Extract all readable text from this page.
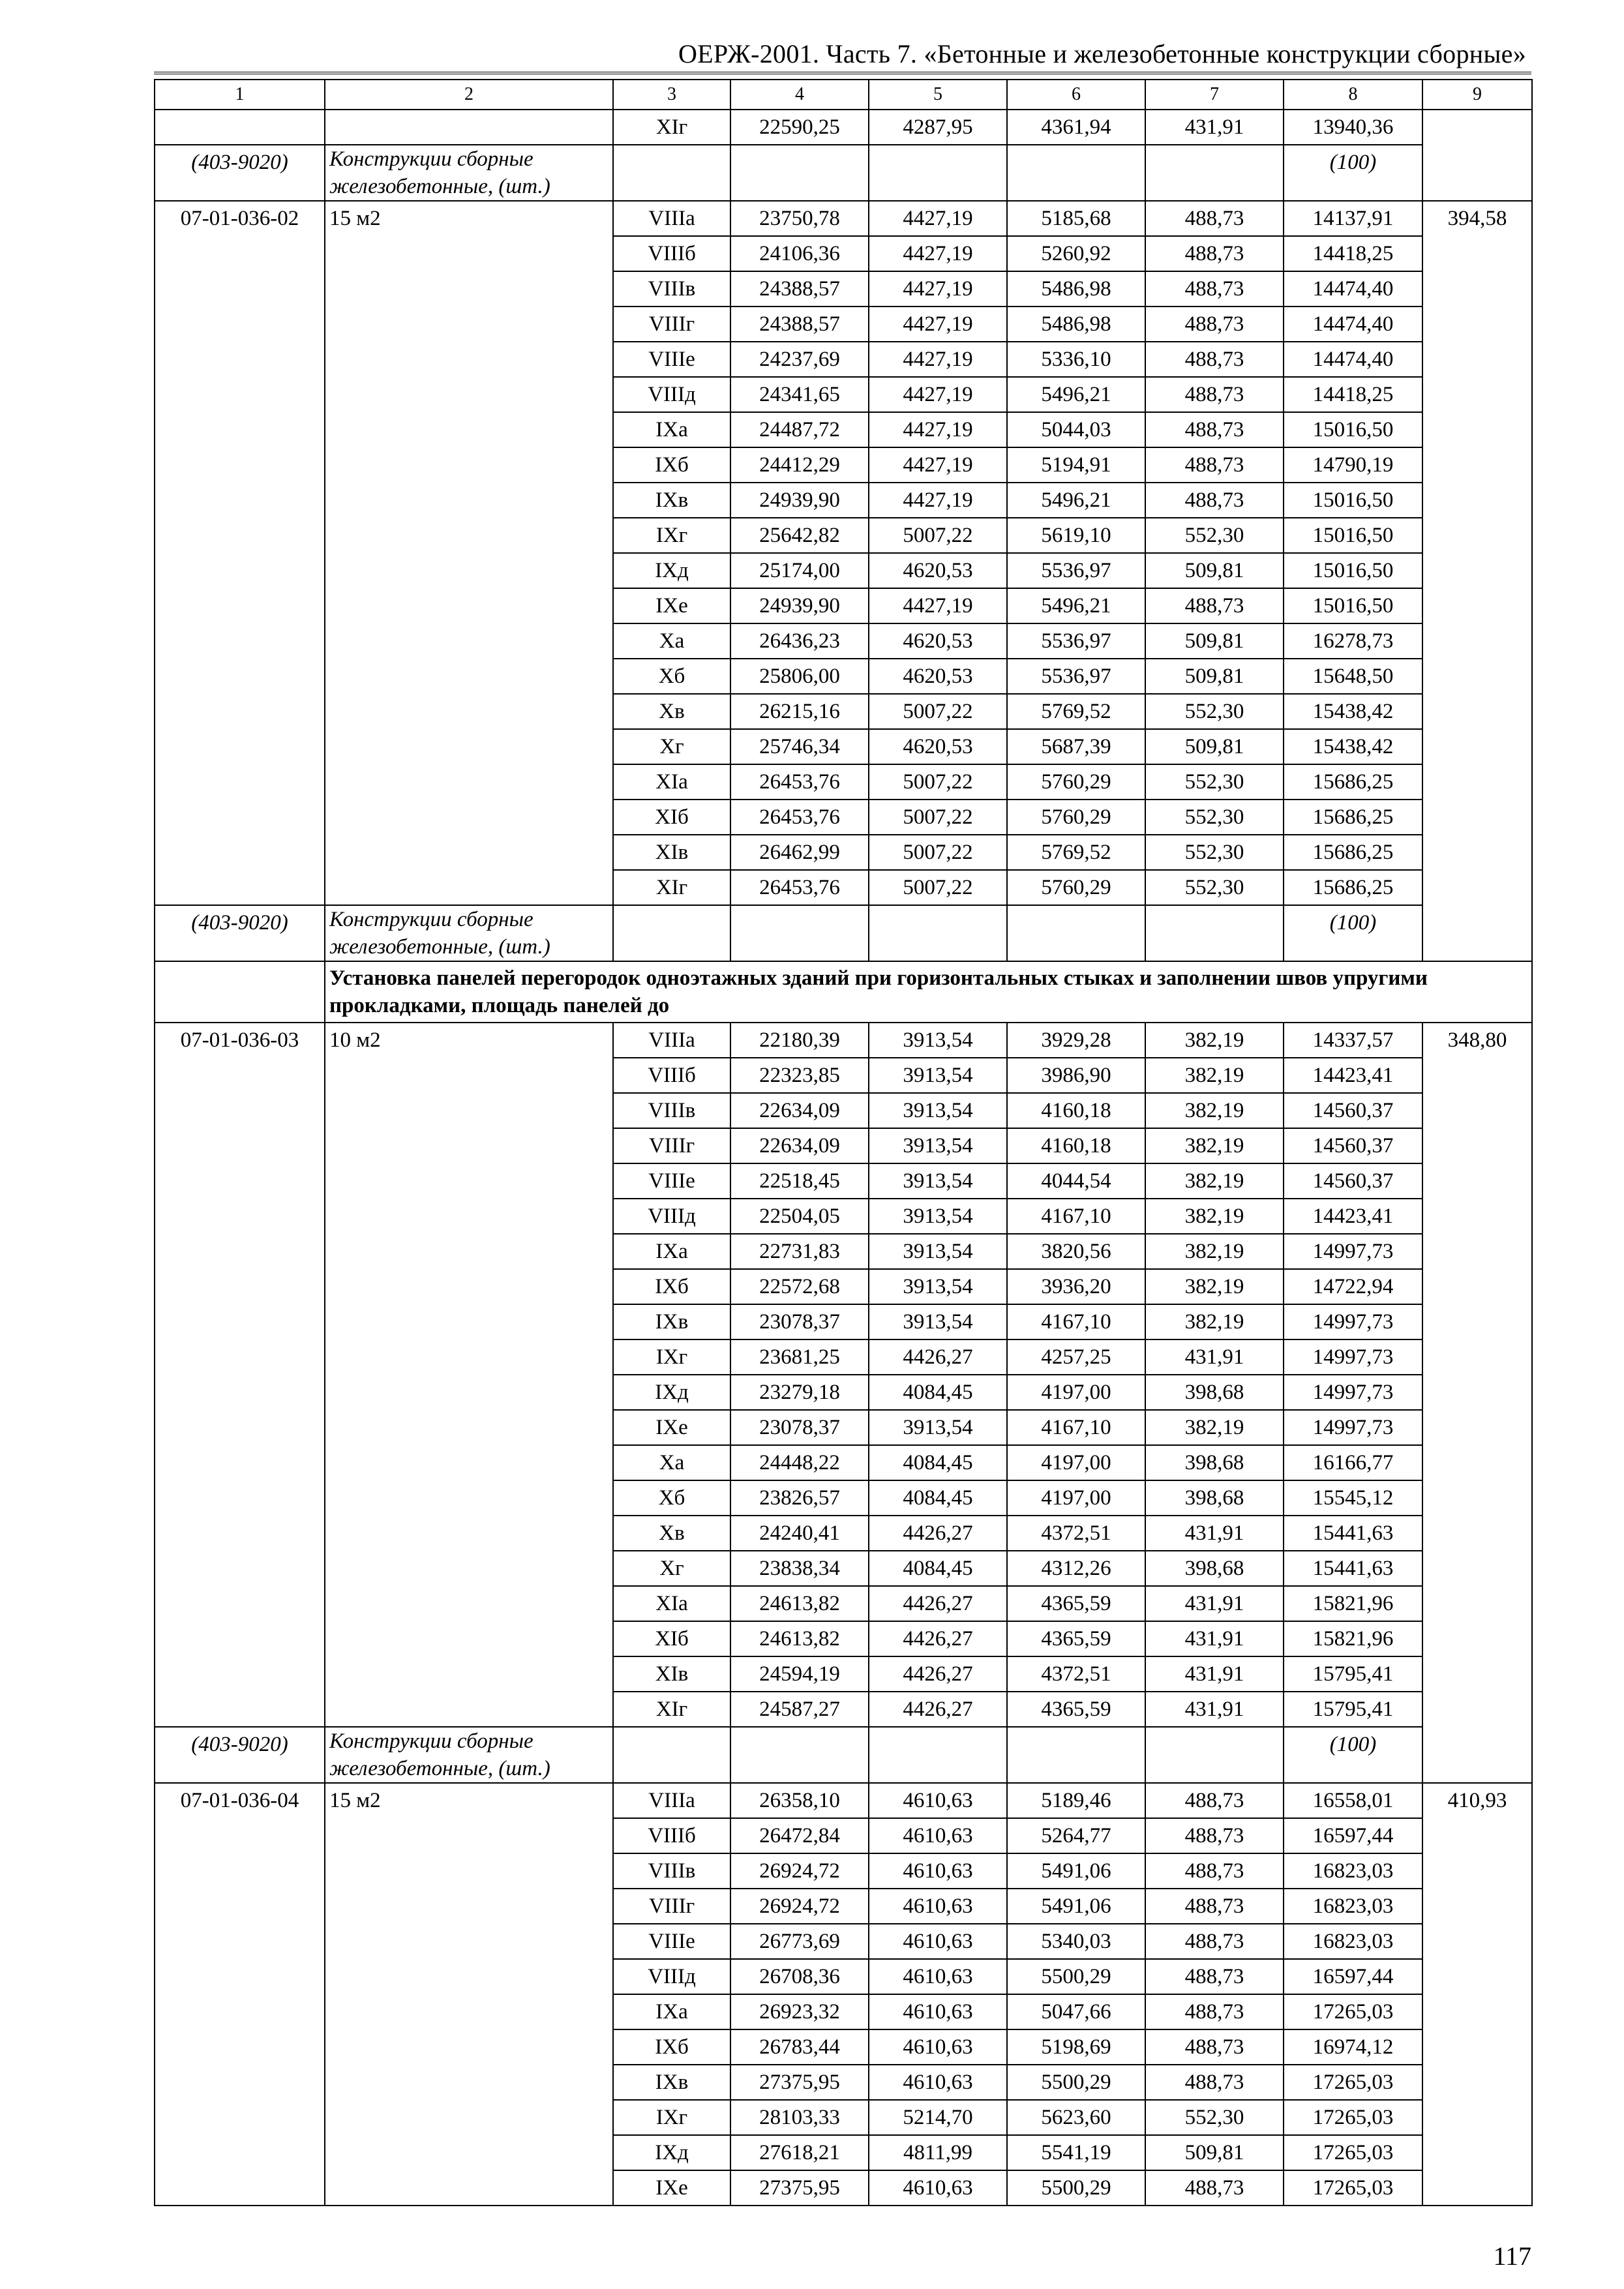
ОЕРЖ-2001. Часть 7. «Бетонные и железобетонные конструкции сборные»
1	2	3	4	5	6	7	8	9
		XIг	22590,25	4287,95	4361,94	431,91	13940,36	
(403-9020)	Конструкции сборные железобетонные, (шт.)						(100)	
07-01-036-02	15 м2	VIIIа	23750,78	4427,19	5185,68	488,73	14137,91	394,58
		VIIIб	24106,36	4427,19	5260,92	488,73	14418,25	
		VIIIв	24388,57	4427,19	5486,98	488,73	14474,40	
		VIIIг	24388,57	4427,19	5486,98	488,73	14474,40	
		VIIIе	24237,69	4427,19	5336,10	488,73	14474,40	
		VIIIд	24341,65	4427,19	5496,21	488,73	14418,25	
		IXа	24487,72	4427,19	5044,03	488,73	15016,50	
		IXб	24412,29	4427,19	5194,91	488,73	14790,19	
		IXв	24939,90	4427,19	5496,21	488,73	15016,50	
		IXг	25642,82	5007,22	5619,10	552,30	15016,50	
		IXд	25174,00	4620,53	5536,97	509,81	15016,50	
		IXе	24939,90	4427,19	5496,21	488,73	15016,50	
		Xа	26436,23	4620,53	5536,97	509,81	16278,73	
		Xб	25806,00	4620,53	5536,97	509,81	15648,50	
		Xв	26215,16	5007,22	5769,52	552,30	15438,42	
		Xг	25746,34	4620,53	5687,39	509,81	15438,42	
		XIа	26453,76	5007,22	5760,29	552,30	15686,25	
		XIб	26453,76	5007,22	5760,29	552,30	15686,25	
		XIв	26462,99	5007,22	5769,52	552,30	15686,25	
		XIг	26453,76	5007,22	5760,29	552,30	15686,25	
(403-9020)	Конструкции сборные железобетонные, (шт.)						(100)	
	Установка панелей перегородок одноэтажных зданий при горизонтальных стыках и заполнении швов упругими прокладками, площадь панелей до							
07-01-036-03	10 м2	VIIIа	22180,39	3913,54	3929,28	382,19	14337,57	348,80
		VIIIб	22323,85	3913,54	3986,90	382,19	14423,41	
		VIIIв	22634,09	3913,54	4160,18	382,19	14560,37	
		VIIIг	22634,09	3913,54	4160,18	382,19	14560,37	
		VIIIе	22518,45	3913,54	4044,54	382,19	14560,37	
		VIIIд	22504,05	3913,54	4167,10	382,19	14423,41	
		IXа	22731,83	3913,54	3820,56	382,19	14997,73	
		IXб	22572,68	3913,54	3936,20	382,19	14722,94	
		IXв	23078,37	3913,54	4167,10	382,19	14997,73	
		IXг	23681,25	4426,27	4257,25	431,91	14997,73	
		IXд	23279,18	4084,45	4197,00	398,68	14997,73	
		IXе	23078,37	3913,54	4167,10	382,19	14997,73	
		Xа	24448,22	4084,45	4197,00	398,68	16166,77	
		Xб	23826,57	4084,45	4197,00	398,68	15545,12	
		Xв	24240,41	4426,27	4372,51	431,91	15441,63	
		Xг	23838,34	4084,45	4312,26	398,68	15441,63	
		XIа	24613,82	4426,27	4365,59	431,91	15821,96	
		XIб	24613,82	4426,27	4365,59	431,91	15821,96	
		XIв	24594,19	4426,27	4372,51	431,91	15795,41	
		XIг	24587,27	4426,27	4365,59	431,91	15795,41	
(403-9020)	Конструкции сборные железобетонные, (шт.)						(100)	
07-01-036-04	15 м2	VIIIа	26358,10	4610,63	5189,46	488,73	16558,01	410,93
		VIIIб	26472,84	4610,63	5264,77	488,73	16597,44	
		VIIIв	26924,72	4610,63	5491,06	488,73	16823,03	
		VIIIг	26924,72	4610,63	5491,06	488,73	16823,03	
		VIIIе	26773,69	4610,63	5340,03	488,73	16823,03	
		VIIIд	26708,36	4610,63	5500,29	488,73	16597,44	
		IXа	26923,32	4610,63	5047,66	488,73	17265,03	
		IXб	26783,44	4610,63	5198,69	488,73	16974,12	
		IXв	27375,95	4610,63	5500,29	488,73	17265,03	
		IXг	28103,33	5214,70	5623,60	552,30	17265,03	
		IXд	27618,21	4811,99	5541,19	509,81	17265,03	
		IXе	27375,95	4610,63	5500,29	488,73	17265,03	
117
